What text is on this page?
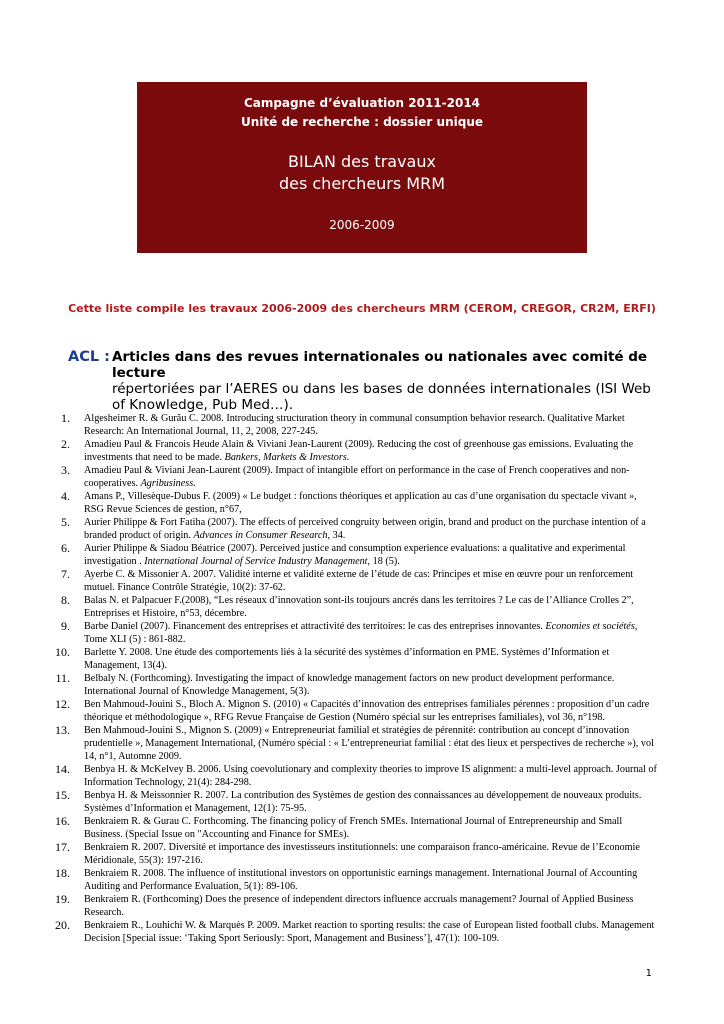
Campagne d’évaluation 2011-2014
Unité de recherche : dossier unique
BILAN des travaux
des chercheurs MRM
2006-2009
Cette liste compile les travaux 2006-2009 des chercheurs MRM (CEROM, CREGOR, CR2M, ERFI)
ACL : Articles dans des revues internationales ou nationales avec comité de lecture
répertoriées par l’AERES ou dans les bases de données internationales (ISI Web of Knowledge, Pub Med…).
1. Algesheimer R. & Gurău C. 2008. Introducing structuration theory in communal consumption behavior research. Qualitative Market Research: An International Journal, 11, 2, 2008, 227-245.
2. Amadieu Paul & Francois Heude Alain & Viviani Jean-Laurent (2009). Reducing the cost of greenhouse gas emissions. Evaluating the investments that need to be made. Bankers, Markets & Investors.
3. Amadieu Paul & Viviani Jean-Laurent (2009). Impact of intangible effort on performance in the case of French cooperatives and non-cooperatives. Agribusiness.
4. Amans P., Villesèque-Dubus F. (2009) « Le budget : fonctions théoriques et application au cas d’une organisation du spectacle vivant », RSG Revue Sciences de gestion, n°67,
5. Aurier Philippe & Fort Fatiha (2007). The effects of perceived congruity between origin, brand and product on the purchase intention of a branded product of origin. Advances in Consumer Research, 34.
6. Aurier Philippe & Siadou Béatrice (2007). Perceived justice and consumption experience evaluations: a qualitative and experimental investigation . International Journal of Service Industry Management, 18 (5).
7. Ayerbe C. & Missonier A. 2007. Validité interne et validité externe de l’étude de cas: Principes et mise en œuvre pour un renforcement mutuel. Finance Contrôle Stratégie, 10(2): 37-62.
8. Balas N. et Palpacuer F.(2008), “Les réseaux d’innovation sont-ils toujours ancrés dans les territoires ? Le cas de l’Alliance Crolles 2”, Entreprises et Histoire, n°53, décembre.
9. Barbe Daniel (2007). Financement des entreprises et attractivité des territoires: le cas des entreprises innovantes. Economies et sociétés, Tome XLI (5) : 861-882.
10. Barlette Y. 2008. Une étude des comportements liés à la sécurité des systèmes d’information en PME. Systèmes d’Information et Management, 13(4).
11. Belbaly N. (Forthcoming). Investigating the impact of knowledge management factors on new product development performance. International Journal of Knowledge Management, 5(3).
12. Ben Mahmoud-Jouini S., Bloch A. Mignon S. (2010) « Capacités d’innovation des entreprises familiales pérennes : proposition d’un cadre théorique et méthodologique », RFG Revue Française de Gestion (Numéro spécial sur les entreprises familiales), vol 36, n°198.
13. Ben Mahmoud-Jouini S., Mignon S. (2009) « Entrepreneuriat familial et stratégies de pérennité: contribution au concept d’innovation prudentielle », Management International, (Numéro spécial : « L’entrepreneuriat familial : état des lieux et perspectives de recherche »), vol 14, n°1, Automne 2009.
14. Benbya H. & McKelvey B. 2006. Using coevolutionary and complexity theories to improve IS alignment: a multi-level approach. Journal of Information Technology, 21(4): 284-298.
15. Benbya H. & Meissonnier R. 2007. La contribution des Systèmes de gestion des connaissances au développement de nouveaux produits. Systèmes d’Information et Management, 12(1): 75-95.
16. Benkraiem R. & Gurau C. Forthcoming. The financing policy of French SMEs. International Journal of Entrepreneurship and Small Business. (Special Issue on "Accounting and Finance for SMEs).
17. Benkraiem R. 2007. Diversité et importance des investisseurs institutionnels: une comparaison franco-américaine. Revue de l’Economie Méridionale, 55(3): 197-216.
18. Benkraiem R. 2008. The influence of institutional investors on opportunistic earnings management. International Journal of Accounting Auditing and Performance Evaluation, 5(1): 89-106.
19. Benkraiem R. (Forthcoming) Does the presence of independent directors influence accruals management? Journal of Applied Business Research.
20. Benkraiem R., Louhichi W. & Marquès P. 2009. Market reaction to sporting results: the case of European listed football clubs. Management Decision [Special issue: ‘Taking Sport Seriously: Sport, Management and Business’], 47(1): 100-109.
1
